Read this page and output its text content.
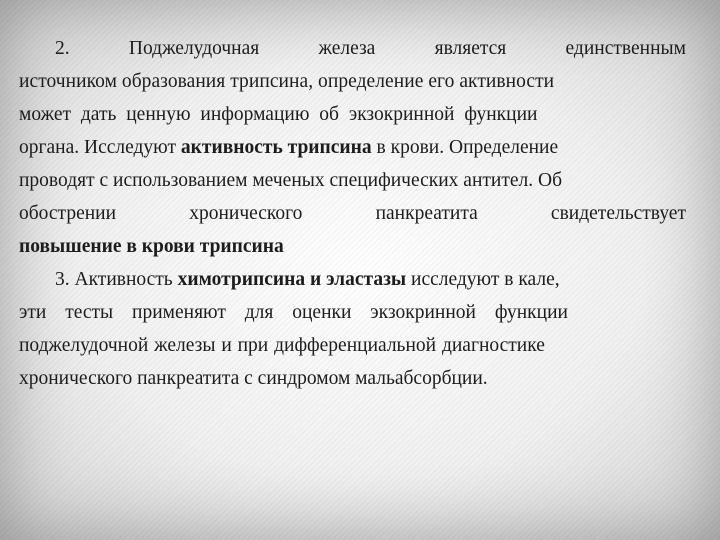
2.	Поджелудочная	железа	является	единственным
источником образования трипсина, определение его активности
может дать ценную информацию об экзокринной функции
органа. Исследуют активность трипсина в крови. Определение
проводят с использованием меченых специфических антител. Об
обострении	хронического	панкреатита	свидетельствует
повышение в крови трипсина
3. Активность химотрипсина и эластазы исследуют в кале,
эти тесты применяют для оценки экзокринной функции
поджелудочной железы и при дифференциальной диагностике
хронического панкреатита с синдромом мальабсорбции.
